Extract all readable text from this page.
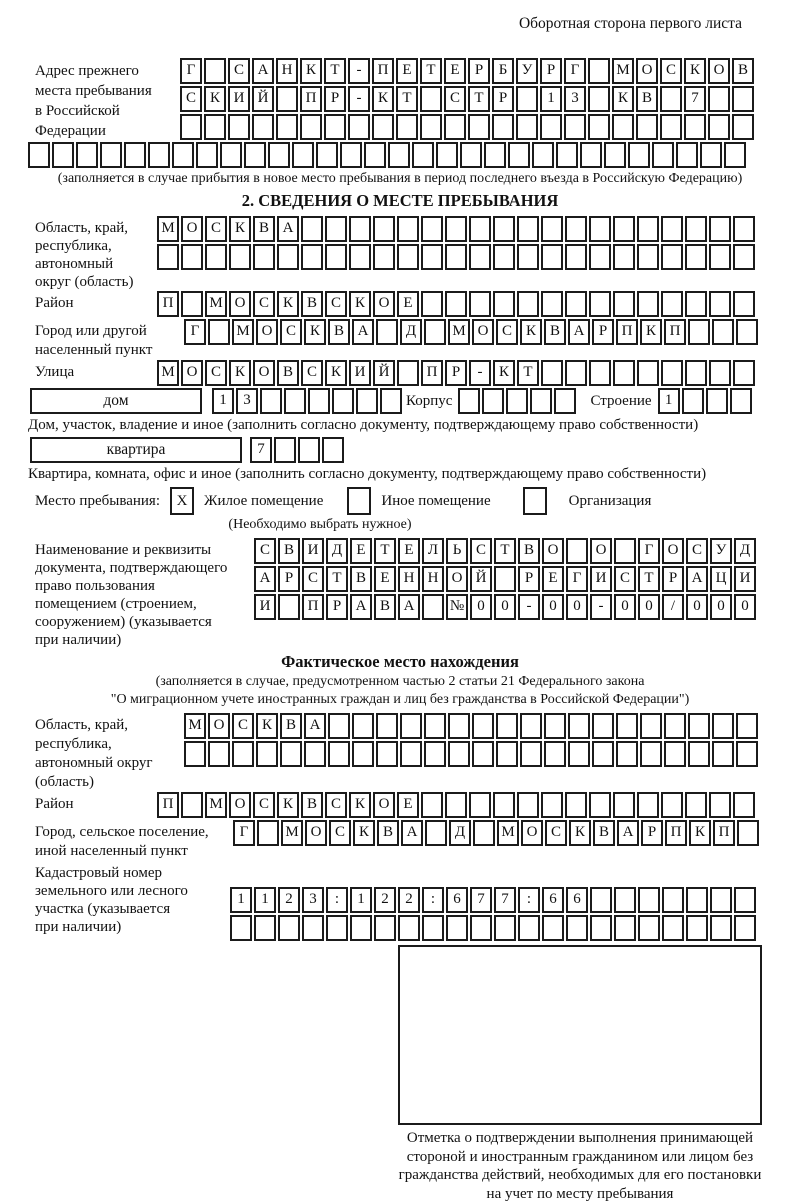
Оборотная сторона первого листа
Адрес прежнего
места пребывания
в Российской
Федерации
Г	С А Н К Т - П Е Т Е Р Б У Р Г М О С К О В
С К И Й П Р - К Т	С Т Р	1 3	К В	7
(заполняется в случае прибытия в новое место пребывания в период последнего въезда в Российскую Федерацию)
2. СВЕДЕНИЯ О МЕСТЕ ПРЕБЫВАНИЯ
Область, край,
республика,
автономный
округ (область)
М О С К В А
Район	П М О С К В С К О Е
Город или другой
населенный пункт
Г М О С К В А Д М О С К В А Р П К П
Улица	М О С К О В С К И Й П Р - К Т
дом	1 3	Корпус	Строение 1
Дом, участок, владение и иное (заполнить согласно документу, подтверждающему право собственности)
квартира	7
Квартира, комната, офис и иное (заполнить согласно документу, подтверждающему право собственности)
Место пребывания:	X	Жилое помещение	Иное помещение	Организация
(Необходимо выбрать нужное)
Наименование и реквизиты
документа, подтверждающего
право пользования
помещением (строением,
сооружением) (указывается
при наличии)
С В И Д Е Т Е Л Ь С Т В О О	Г О С У Д
А Р С Т В Е Н Н О Й	Р Е Г И С Т Р А Ц И
И П Р А В А № 0 0 - 0 0 - 0 0 / 0 0 0
Фактическое место нахождения
(заполняется в случае, предусмотренном частью 2 статьи 21 Федерального закона
"О миграционном учете иностранных граждан и лиц без гражданства в Российской Федерации")
Область, край,
республика,
автономный округ
(область)
М О С К В А
Район	П М О С К В С К О Е
Город, сельское поселение,
иной населенный пункт
Г М О С К В А Д М О С К В А Р П К П
Кадастровый номер
земельного или лесного
участка (указывается
при наличии)
1 1 2 3 : 1 2 2 : 6 7 7 : 6 6
Отметка о подтверждении выполнения принимающей
стороной и иностранным гражданином или лицом без
гражданства действий, необходимых для его постановки
на учет по месту пребывания
